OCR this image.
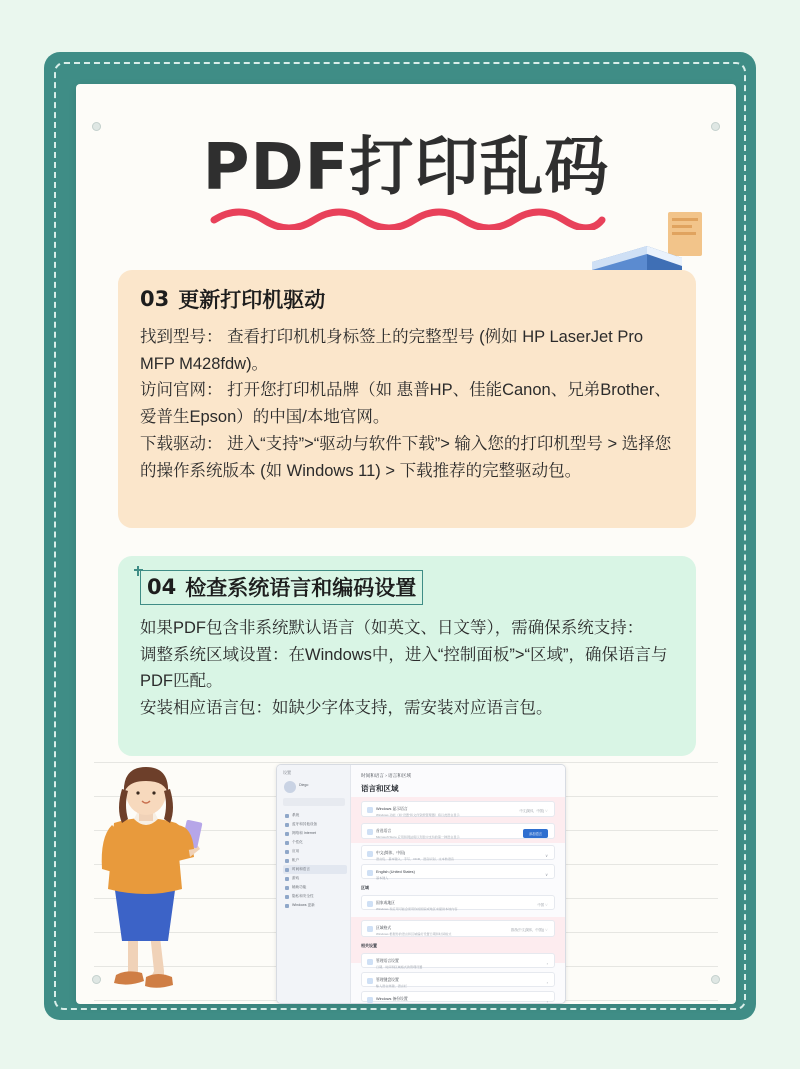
PDF打印乱码
03 更新打印机驱动

找到型号： 查看打印机机身标签上的完整型号 (例如 HP LaserJet Pro MFP M428fdw)。

访问官网： 打开您打印机品牌（如 惠普HP、佳能Canon、兄弟Brother、爱普生Epson）的中国/本地官网。

下载驱动： 进入“支持”>“驱动与软件下载”> 输入您的打印机型号 > 选择您的操作系统版本 (如 Windows 11) > 下载推荐的完整驱动包。

04 检查系统语言和编码设置

如果PDF包含非系统默认语言（如英文、日文等），需确保系统支持：

调整系统区域设置：在Windows中，进入“控制面板”>“区域”，确保语言与PDF匹配。

安装相应语言包：如缺少字体支持，需安装对应语言包。

设置
Diego
系统
蓝牙和其他设备
网络和 Internet
个性化
应用
帐户
时间和语言
游戏
辅助功能
隐私和安全性
Windows 更新
时间和语言 › 语言和区域
语言和区域
Windows 显示语言
Windows 功能（如“设置”和文件资源管理器）将以此语言显示
中文(简体，中国) ∨
首选语言
Microsoft Store 应用和网站将以列表中支持的第一种语言显示
添加语言
中文(简体，中国)
语言包、基本键入、手写、OCR、语音识别、文本转语音
∨
English (United States)
基本键入
∨
区域
国家或地区
Windows 和应用可能会使用你的国家或地区来提供本地内容
中国 ∨
区域格式
Windows 根据你的语言和区域偏好设置日期和时间格式
推荐(中文(简体，中国)) ∨
相关设置
管理语言设置
日期、时间和区域格式的管理设置
›
管理键盘设置
输入语言热键、语言栏
›
Windows 备份设置	›
